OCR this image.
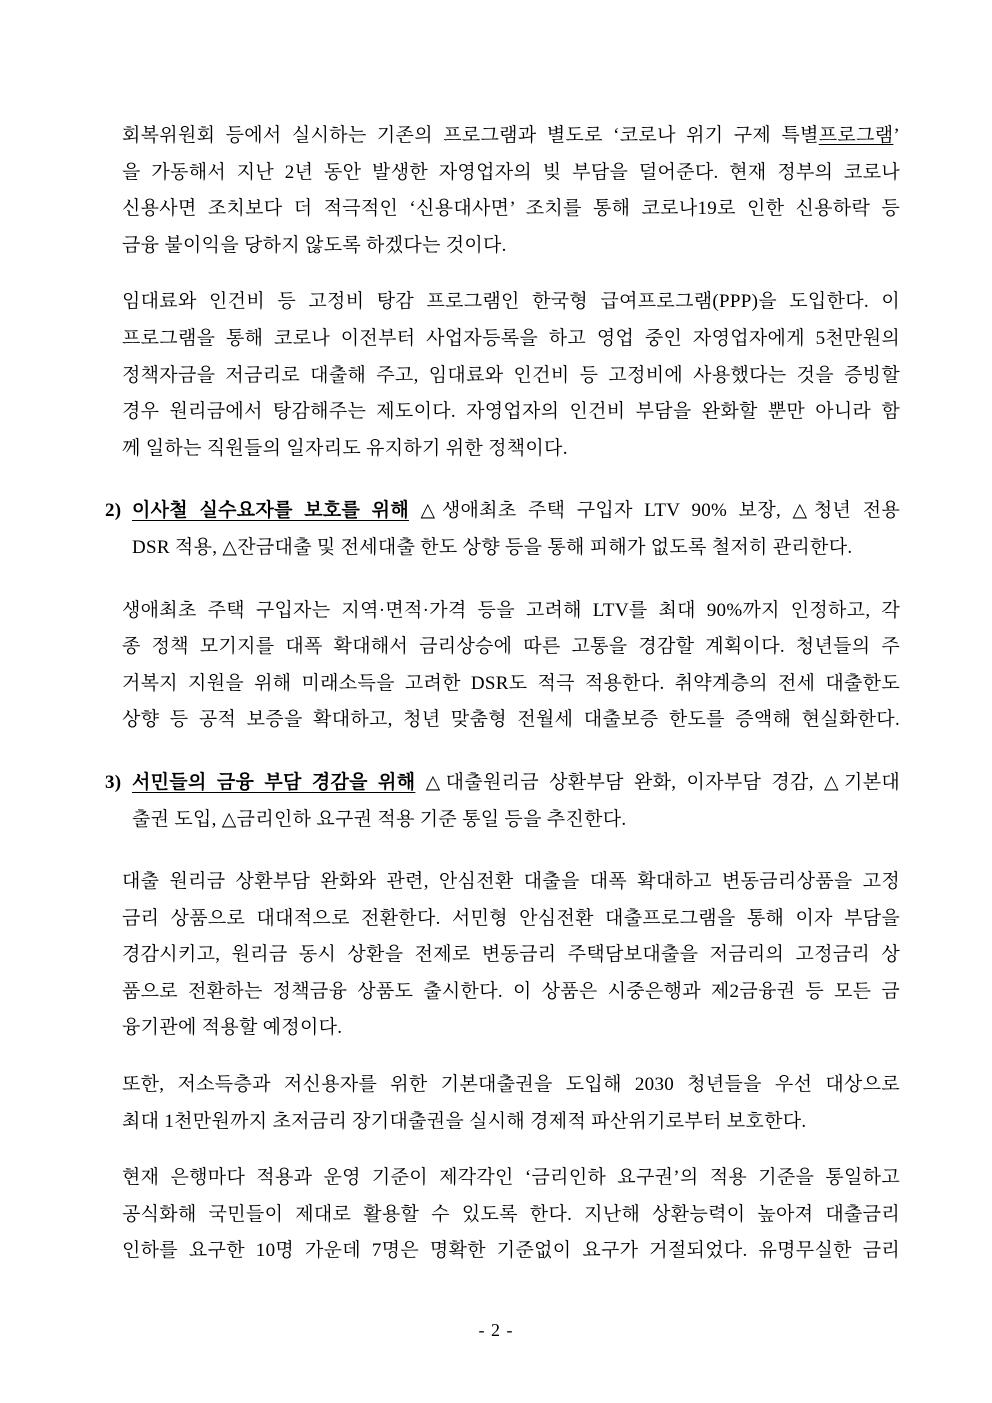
회복위원회 등에서 실시하는 기존의 프로그램과 별도로 ‘코로나 위기 구제 특별프로그램’
을 가동해서 지난 2년 동안 발생한 자영업자의 빚 부담을 덜어준다. 현재 정부의 코로나
신용사면 조치보다 더 적극적인 ‘신용대사면’ 조치를 통해 코로나19로 인한 신용하락 등
금융 불이익을 당하지 않도록 하겠다는 것이다.
임대료와 인건비 등 고정비 탕감 프로그램인 한국형 급여프로그램(PPP)을 도입한다. 이
프로그램을 통해 코로나 이전부터 사업자등록을 하고 영업 중인 자영업자에게 5천만원의
정책자금을 저금리로 대출해 주고, 임대료와 인건비 등 고정비에 사용했다는 것을 증빙할
경우 원리금에서 탕감해주는 제도이다. 자영업자의 인건비 부담을 완화할 뿐만 아니라 함
께 일하는 직원들의 일자리도 유지하기 위한 정책이다.
2) 이사철 실수요자를 보호를 위해 △생애최초 주택 구입자 LTV 90% 보장, △청년 전용
DSR 적용, △잔금대출 및 전세대출 한도 상향 등을 통해 피해가 없도록 철저히 관리한다.
생애최초 주택 구입자는 지역·면적·가격 등을 고려해 LTV를 최대 90%까지 인정하고, 각
종 정책 모기지를 대폭 확대해서 금리상승에 따른 고통을 경감할 계획이다. 청년들의 주
거복지 지원을 위해 미래소득을 고려한 DSR도 적극 적용한다. 취약계층의 전세 대출한도
상향 등 공적 보증을 확대하고, 청년 맞춤형 전월세 대출보증 한도를 증액해 현실화한다.
3) 서민들의 금융 부담 경감을 위해 △대출원리금 상환부담 완화, 이자부담 경감, △기본대
출권 도입, △금리인하 요구권 적용 기준 통일 등을 추진한다.
대출 원리금 상환부담 완화와 관련, 안심전환 대출을 대폭 확대하고 변동금리상품을 고정
금리 상품으로 대대적으로 전환한다. 서민형 안심전환 대출프로그램을 통해 이자 부담을
경감시키고, 원리금 동시 상환을 전제로 변동금리 주택담보대출을 저금리의 고정금리 상
품으로 전환하는 정책금융 상품도 출시한다. 이 상품은 시중은행과 제2금융권 등 모든 금
융기관에 적용할 예정이다.
또한, 저소득층과 저신용자를 위한 기본대출권을 도입해 2030 청년들을 우선 대상으로
최대 1천만원까지 초저금리 장기대출권을 실시해 경제적 파산위기로부터 보호한다.
현재 은행마다 적용과 운영 기준이 제각각인 ‘금리인하 요구권’의 적용 기준을 통일하고
공식화해 국민들이 제대로 활용할 수 있도록 한다. 지난해 상환능력이 높아져 대출금리
인하를 요구한 10명 가운데 7명은 명확한 기준없이 요구가 거절되었다. 유명무실한 금리
- 2 -
